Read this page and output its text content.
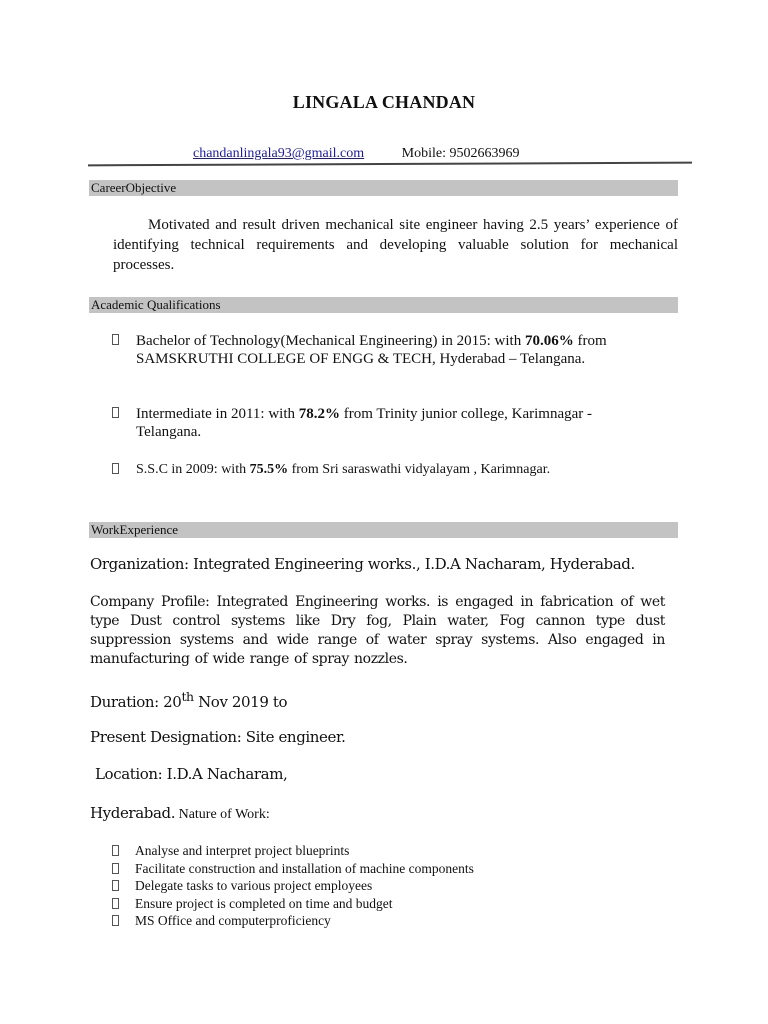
LINGALA CHANDAN
chandanlingala93@gmail.com	Mobile: 9502663969
CareerObjective
Motivated and result driven mechanical site engineer having 2.5 years’ experience of identifying technical requirements and developing valuable solution for mechanical processes.
Academic Qualifications
Bachelor of Technology(Mechanical Engineering) in 2015: with 70.06% from SAMSKRUTHI COLLEGE OF ENGG & TECH, Hyderabad – Telangana.
Intermediate in 2011: with 78.2% from Trinity junior college, Karimnagar - Telangana.
S.S.C in 2009: with 75.5% from Sri saraswathi vidyalayam , Karimnagar.
WorkExperience
Organization: Integrated Engineering works., I.D.A Nacharam, Hyderabad.
Company Profile: Integrated Engineering works. is engaged in fabrication of wet type Dust control systems like Dry fog, Plain water, Fog cannon type dust suppression systems and wide range of water spray systems. Also engaged in manufacturing of wide range of spray nozzles.
Duration: 20th Nov 2019 to
Present Designation: Site engineer.
Location: I.D.A Nacharam,
Hyderabad. Nature of Work:
Analyse and interpret project blueprints
Facilitate construction and installation of machine components
Delegate tasks to various project employees
Ensure project is completed on time and budget
MS Office and computerproficiency
